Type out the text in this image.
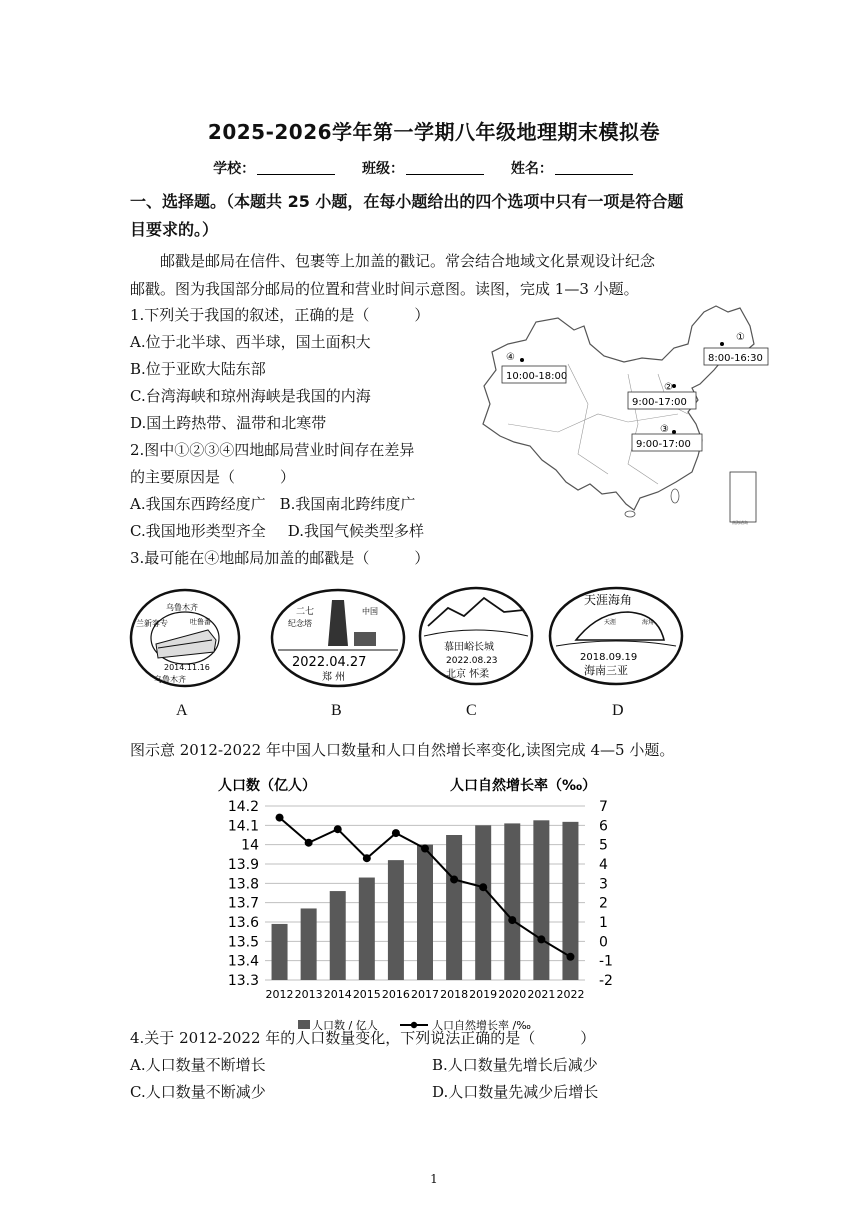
2025-2026学年第一学期八年级地理期末模拟卷
学校：	班级：	姓名：
一、选择题。（本题共 25 小题，在每小题给出的四个选项中只有一项是符合题
目要求的。）
邮戳是邮局在信件、包裹等上加盖的戳记。常会结合地域文化景观设计纪念
邮戳。图为我国部分邮局的位置和营业时间示意图。读图，完成 1—3 小题。
1.下列关于我国的叙述，正确的是（　　　）
A.位于北半球、西半球，国土面积大
B.位于亚欧大陆东部
C.台湾海峡和琼州海峡是我国的内海
D.国土跨热带、温带和北寒带
2.图中①②③④四地邮局营业时间存在差异
的主要原因是（　　　）
A.我国东西跨经度广 B.我国南北跨纬度广
C.我国地形类型齐全 D.我国气候类型多样
3.最可能在④地邮局加盖的邮戳是（　　　）
南海诸岛
①
8:00-16:30
④
10:00-18:00
②
9:00-17:00
③
9:00-17:00
乌鲁木齐
兰新客专	吐鲁番
2014.11.16
乌鲁木齐
二七
纪念塔
中国
2022.04.27
郑 州
慕田峪长城
2022.08.23
北京 怀柔
天涯海角
天涯	海角
2018.09.19
海南三亚
A	B	C	D
图示意 2012-2022 年中国人口数量和人口自然增长率变化,读图完成 4—5 小题。
人口数（亿人）	人口自然增长率（‰）
14.2
14.1
14
13.9
13.8
13.7
13.6
13.5
13.4
13.3
7
6
5
4
3
2
1
0
-1
-2
2012 2013 2014 2015 2016 2017 2018 2019 2020 2021 2022
人口数 / 亿人	人口自然增长率 /‰
4.关于 2012-2022 年的人口数量变化，下列说法正确的是（　　　）
A.人口数量不断增长	B.人口数量先增长后减少
C.人口数量不断减少	D.人口数量先减少后增长
1
